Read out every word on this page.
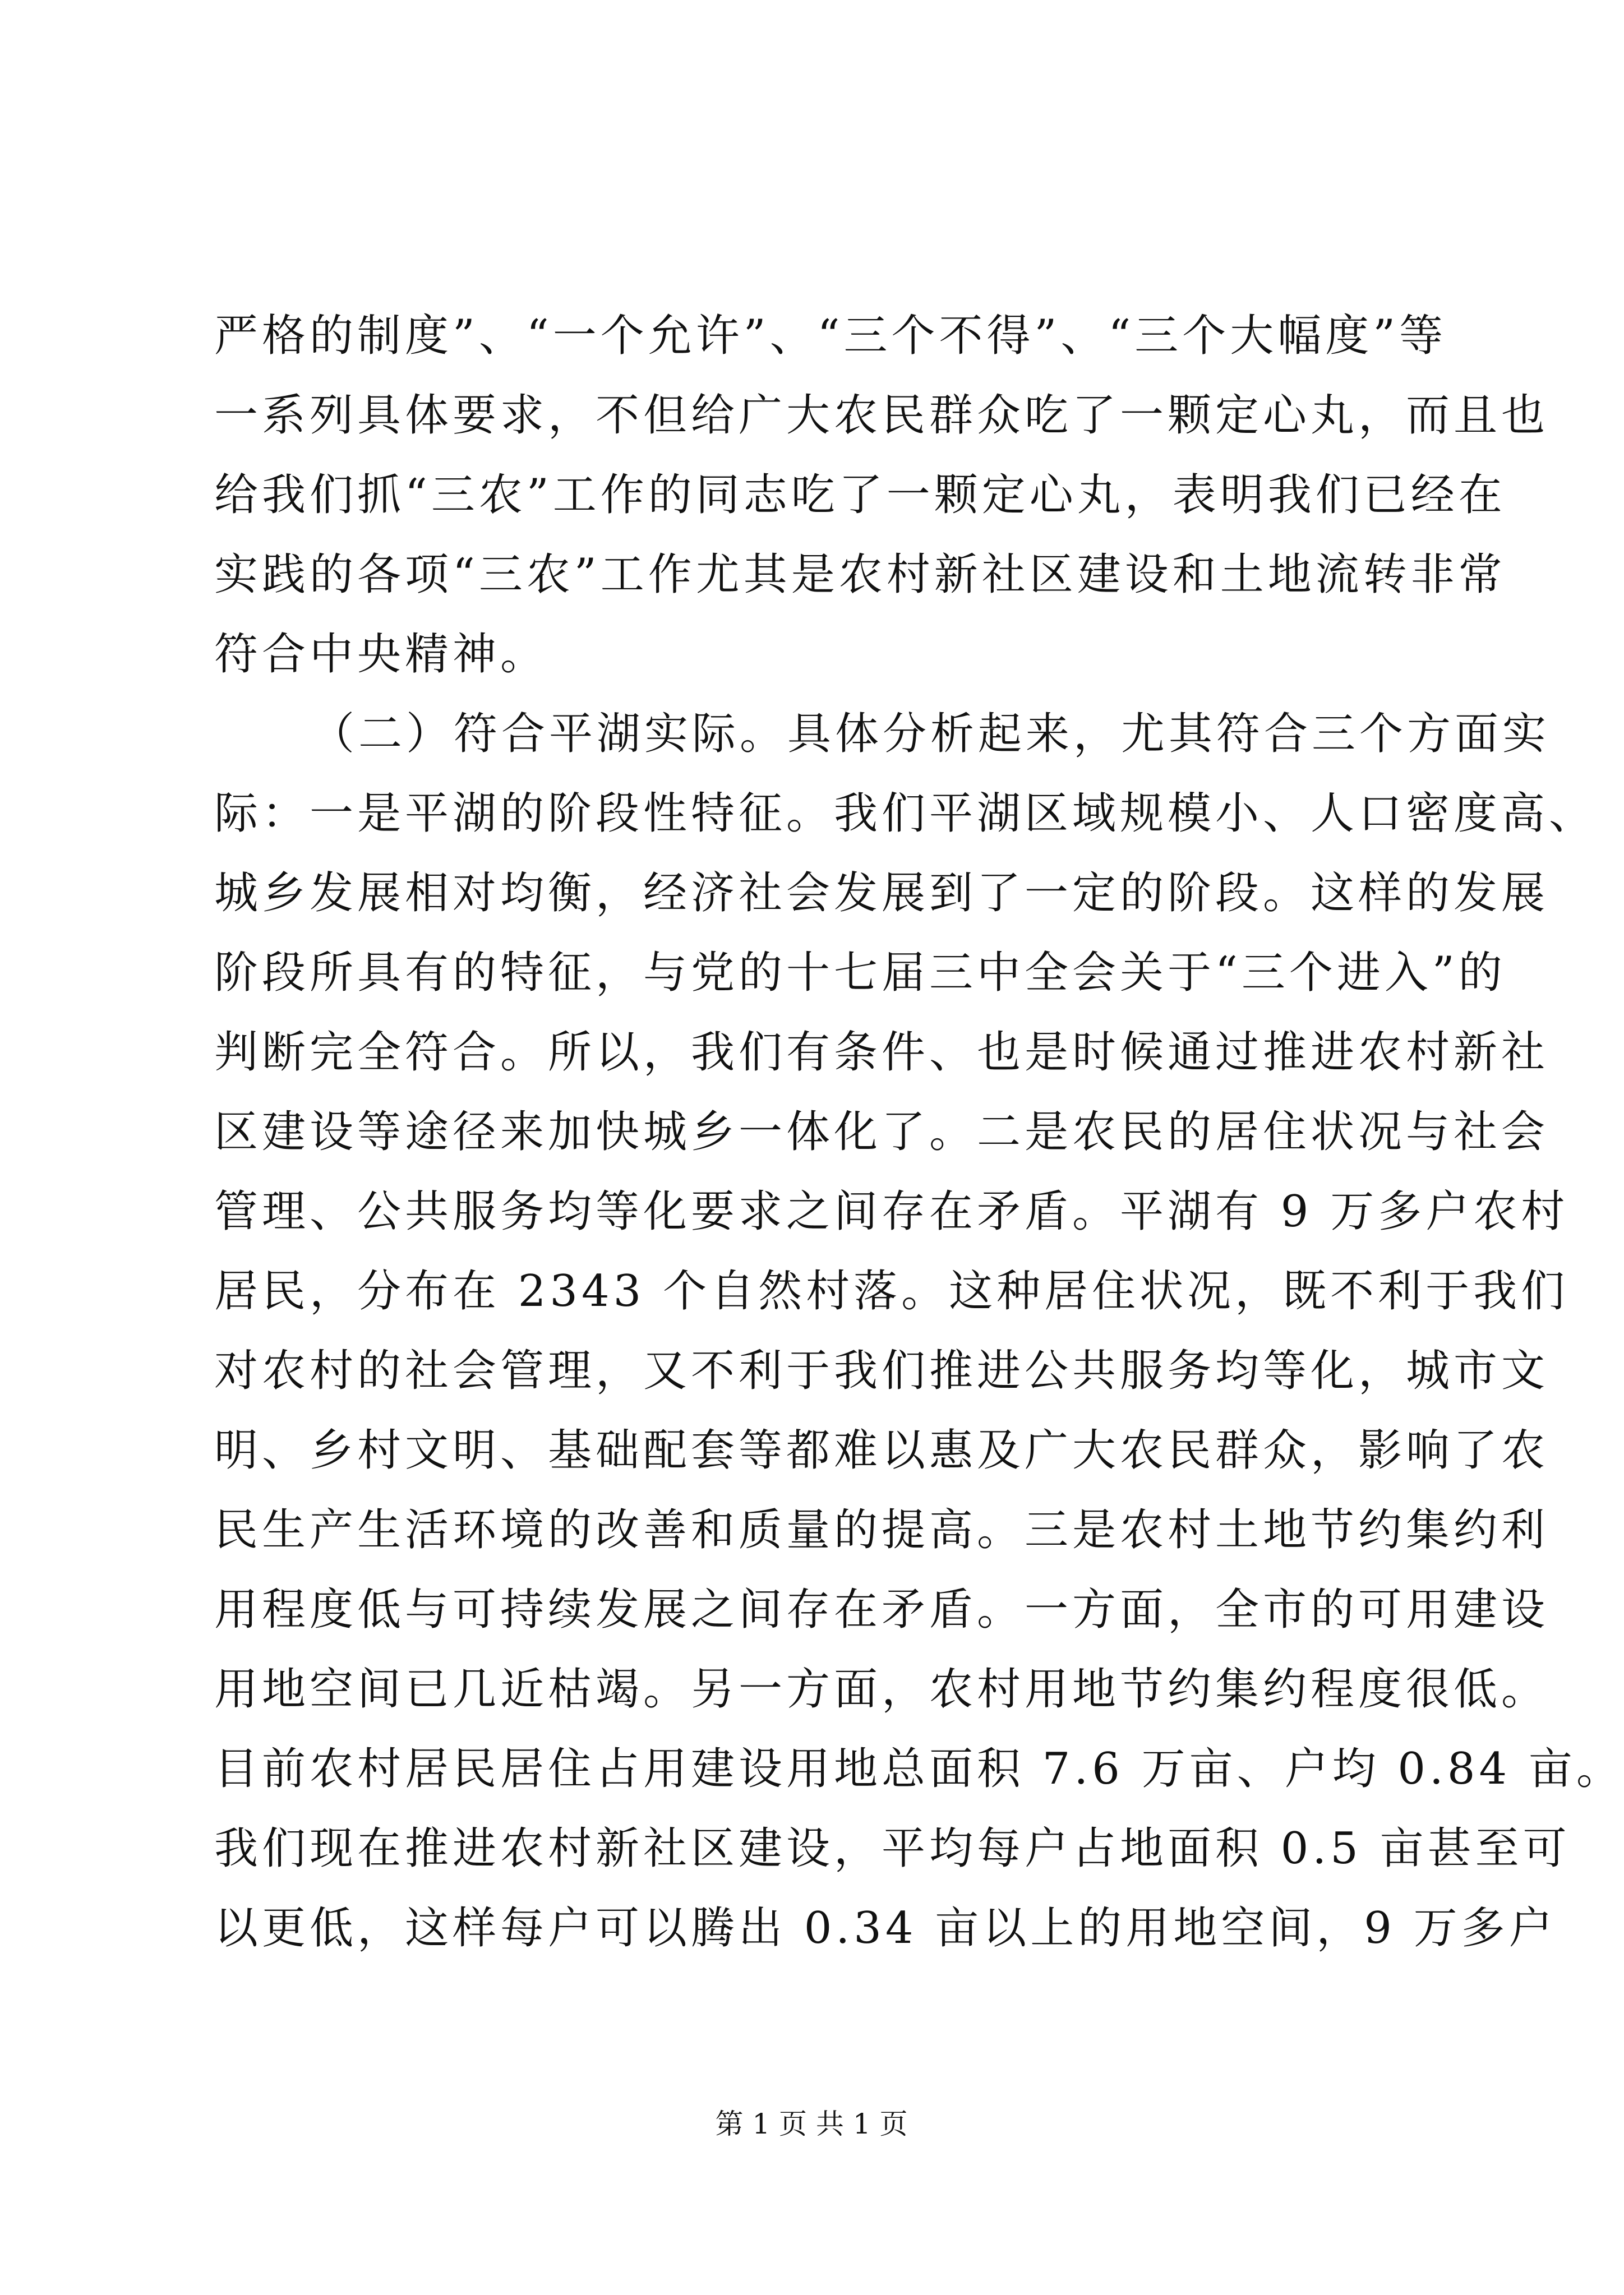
严格的制度”、“一个允许”、“三个不得”、“三个大幅度”等
一系列具体要求，不但给广大农民群众吃了一颗定心丸，而且也
给我们抓“三农”工作的同志吃了一颗定心丸，表明我们已经在
实践的各项“三农”工作尤其是农村新社区建设和土地流转非常
符合中央精神。
（二）符合平湖实际。具体分析起来，尤其符合三个方面实
际：一是平湖的阶段性特征。我们平湖区域规模小、人口密度高、
城乡发展相对均衡，经济社会发展到了一定的阶段。这样的发展
阶段所具有的特征，与党的十七届三中全会关于“三个进入”的
判断完全符合。所以，我们有条件、也是时候通过推进农村新社
区建设等途径来加快城乡一体化了。二是农民的居住状况与社会
管理、公共服务均等化要求之间存在矛盾。平湖有 9 万多户农村
居民，分布在 2343 个自然村落。这种居住状况，既不利于我们
对农村的社会管理，又不利于我们推进公共服务均等化，城市文
明、乡村文明、基础配套等都难以惠及广大农民群众，影响了农
民生产生活环境的改善和质量的提高。三是农村土地节约集约利
用程度低与可持续发展之间存在矛盾。一方面，全市的可用建设
用地空间已几近枯竭。另一方面，农村用地节约集约程度很低。
目前农村居民居住占用建设用地总面积 7.6 万亩、户均 0.84 亩。
我们现在推进农村新社区建设，平均每户占地面积 0.5 亩甚至可
以更低，这样每户可以腾出 0.34 亩以上的用地空间，9 万多户
第 1 页 共 1 页
